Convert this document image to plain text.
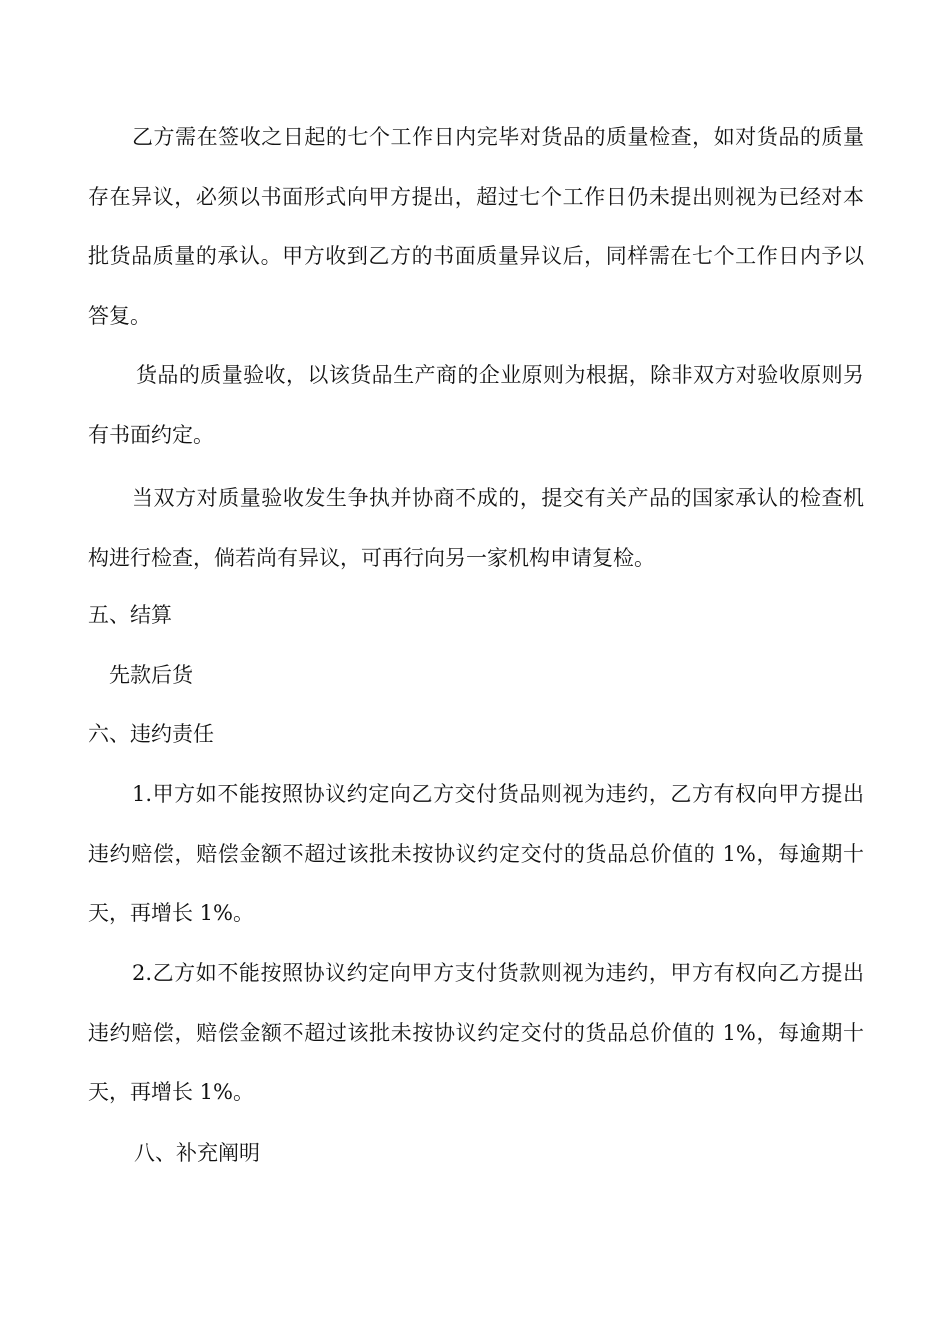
乙方需在签收之日起的七个工作日内完毕对货品的质量检查，如对货品的质量存在异议，必须以书面形式向甲方提出，超过七个工作日仍未提出则视为已经对本批货品质量的承认。甲方收到乙方的书面质量异议后，同样需在七个工作日内予以答复。

货品的质量验收，以该货品生产商的企业原则为根据，除非双方对验收原则另有书面约定。

当双方对质量验收发生争执并协商不成的，提交有关产品的国家承认的检查机构进行检查，倘若尚有异议，可再行向另一家机构申请复检。

五、结算
先款后货
六、违约责任

1.甲方如不能按照协议约定向乙方交付货品则视为违约，乙方有权向甲方提出违约赔偿，赔偿金额不超过该批未按协议约定交付的货品总价值的 1%，每逾期十天，再增长 1%。

2.乙方如不能按照协议约定向甲方支付货款则视为违约，甲方有权向乙方提出违约赔偿，赔偿金额不超过该批未按协议约定交付的货品总价值的 1%，每逾期十天，再增长 1%。

八、补充阐明
